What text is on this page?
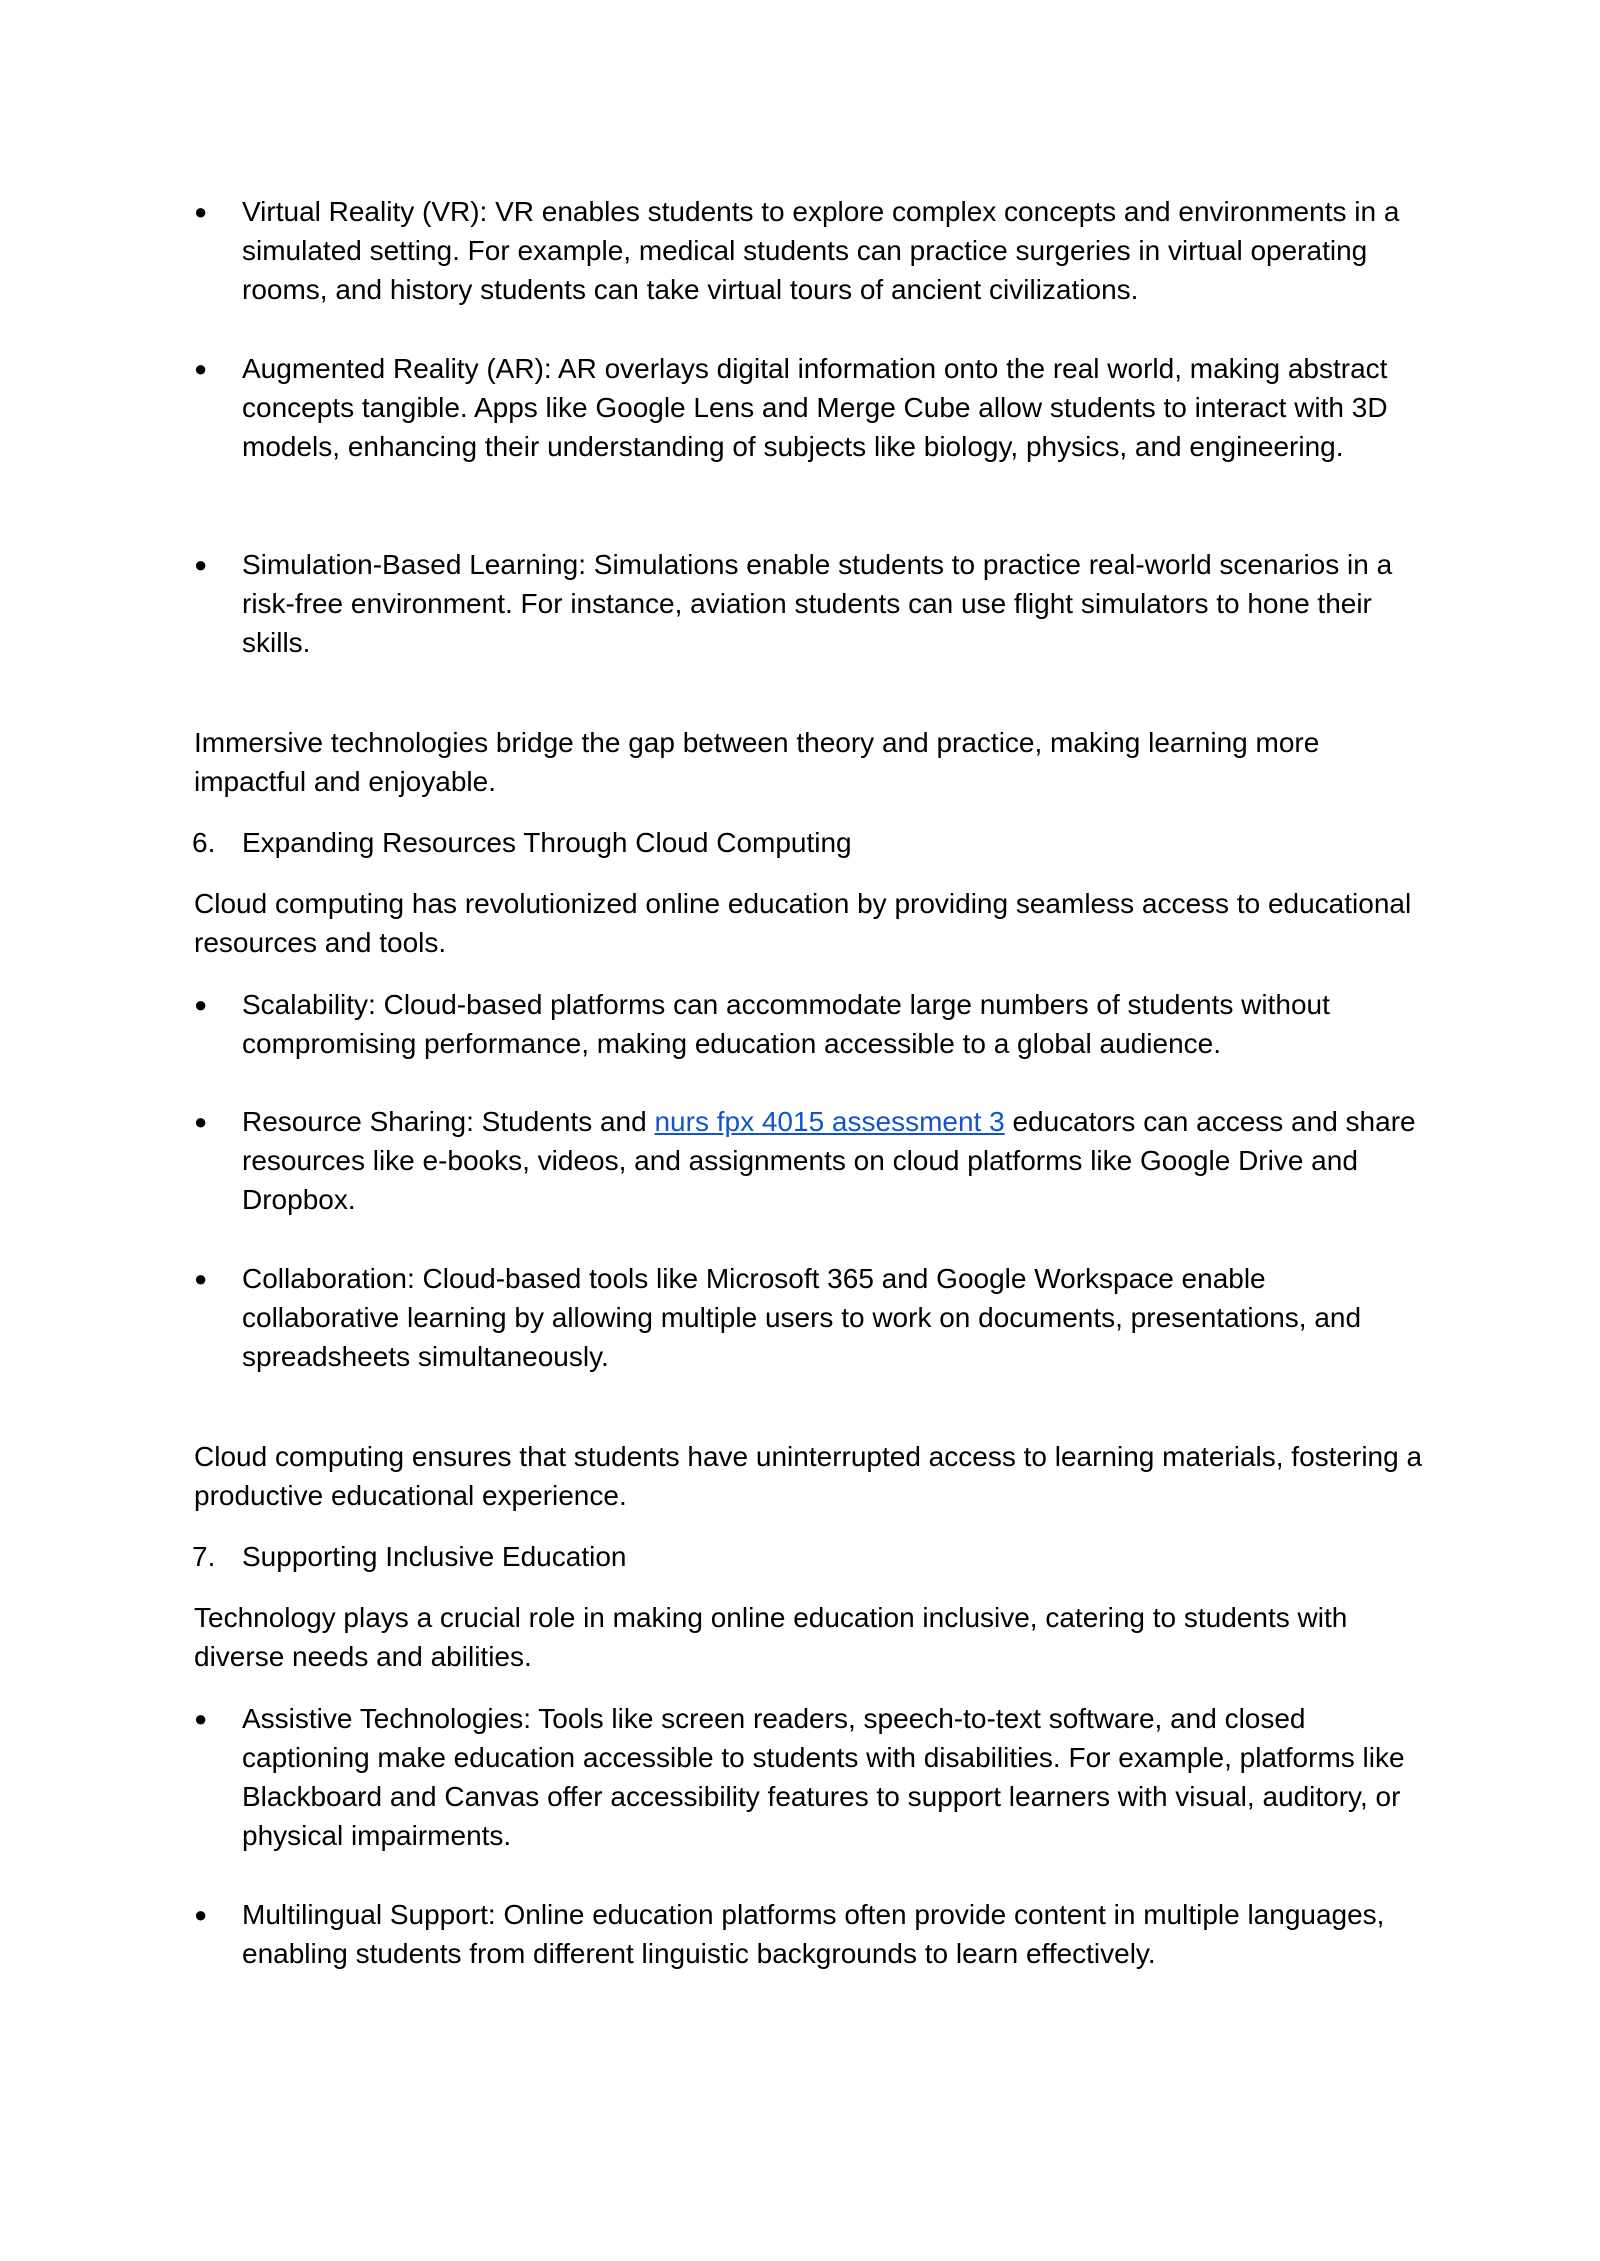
● Virtual Reality (VR): VR enables students to explore complex concepts and environments in a simulated setting. For example, medical students can practice surgeries in virtual operating rooms, and history students can take virtual tours of ancient civilizations.

● Augmented Reality (AR): AR overlays digital information onto the real world, making abstract concepts tangible. Apps like Google Lens and Merge Cube allow students to interact with 3D models, enhancing their understanding of subjects like biology, physics, and engineering.

● Simulation-Based Learning: Simulations enable students to practice real-world scenarios in a risk-free environment. For instance, aviation students can use flight simulators to hone their skills.

Immersive technologies bridge the gap between theory and practice, making learning more impactful and enjoyable.

6. Expanding Resources Through Cloud Computing

Cloud computing has revolutionized online education by providing seamless access to educational resources and tools.

● Scalability: Cloud-based platforms can accommodate large numbers of students without compromising performance, making education accessible to a global audience.

● Resource Sharing: Students and nurs fpx 4015 assessment 3 educators can access and share resources like e-books, videos, and assignments on cloud platforms like Google Drive and Dropbox.

● Collaboration: Cloud-based tools like Microsoft 365 and Google Workspace enable collaborative learning by allowing multiple users to work on documents, presentations, and spreadsheets simultaneously.

Cloud computing ensures that students have uninterrupted access to learning materials, fostering a productive educational experience.

7. Supporting Inclusive Education

Technology plays a crucial role in making online education inclusive, catering to students with diverse needs and abilities.

● Assistive Technologies: Tools like screen readers, speech-to-text software, and closed captioning make education accessible to students with disabilities. For example, platforms like Blackboard and Canvas offer accessibility features to support learners with visual, auditory, or physical impairments.

● Multilingual Support: Online education platforms often provide content in multiple languages, enabling students from different linguistic backgrounds to learn effectively.
